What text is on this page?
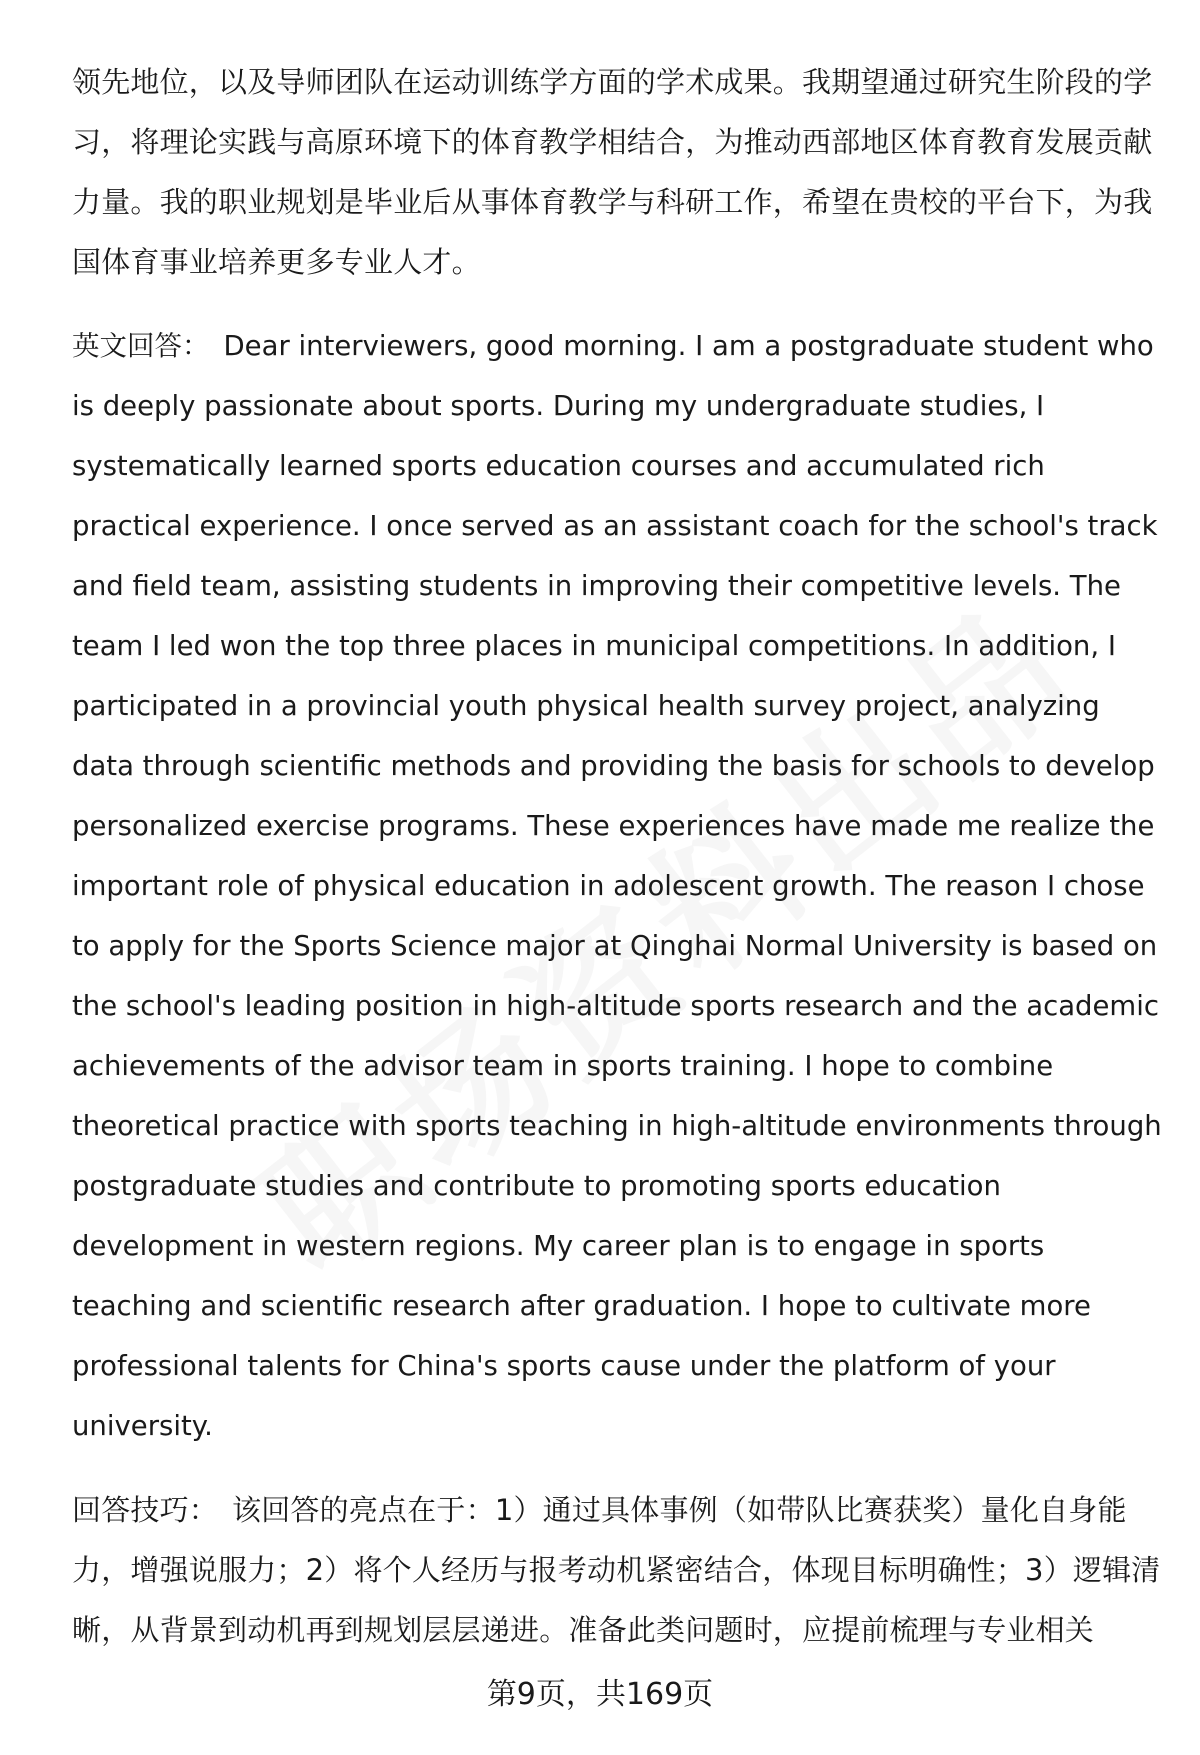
领先地位，以及导师团队在运动训练学方面的学术成果。我期望通过研究生阶段的学习，将理论实践与高原环境下的体育教学相结合，为推动西部地区体育教育发展贡献力量。我的职业规划是毕业后从事体育教学与科研工作，希望在贵校的平台下，为我国体育事业培养更多专业人才。

英文回答： Dear interviewers, good morning. I am a postgraduate student who is deeply passionate about sports. During my undergraduate studies, I systematically learned sports education courses and accumulated rich practical experience. I once served as an assistant coach for the school's track and field team, assisting students in improving their competitive levels. The team I led won the top three places in municipal competitions. In addition, I participated in a provincial youth physical health survey project, analyzing data through scientific methods and providing the basis for schools to develop personalized exercise programs. These experiences have made me realize the important role of physical education in adolescent growth. The reason I chose to apply for the Sports Science major at Qinghai Normal University is based on the school's leading position in high-altitude sports research and the academic achievements of the advisor team in sports training. I hope to combine theoretical practice with sports teaching in high-altitude environments through postgraduate studies and contribute to promoting sports education development in western regions. My career plan is to engage in sports teaching and scientific research after graduation. I hope to cultivate more professional talents for China's sports cause under the platform of your university.

回答技巧： 该回答的亮点在于：1）通过具体事例（如带队比赛获奖）量化自身能力，增强说服力；2）将个人经历与报考动机紧密结合，体现目标明确性；3）逻辑清晰，从背景到动机再到规划层层递进。准备此类问题时，应提前梳理与专业相关

第9页，共169页
